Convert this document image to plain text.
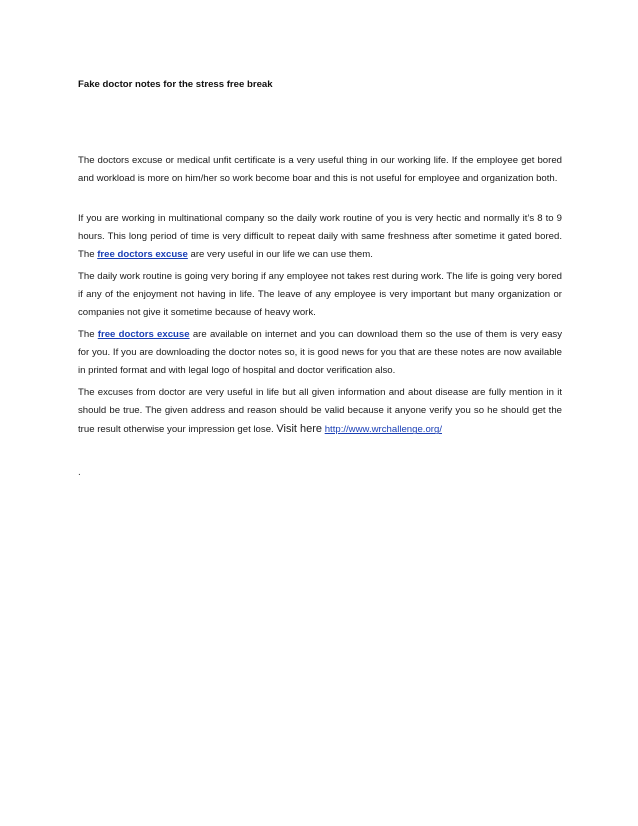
Fake doctor notes for the stress free break

The doctors excuse or medical unfit certificate is a very useful thing in our working life. If the employee get bored and workload is more on him/her so work become boar and this is not useful for employee and organization both.

If you are working in multinational company so the daily work routine of you is very hectic and normally it’s 8 to 9 hours. This long period of time is very difficult to repeat daily with same freshness after sometime it gated bored. The free doctors excuse are very useful in our life we can use them.

The daily work routine is going very boring if any employee not takes rest during work. The life is going very bored if any of the enjoyment not having in life. The leave of any employee is very important but many organization or companies not give it sometime because of heavy work.

The free doctors excuse are available on internet and you can download them so the use of them is very easy for you. If you are downloading the doctor notes so, it is good news for you that are these notes are now available in printed format and with legal logo of hospital and doctor verification also.

The excuses from doctor are very useful in life but all given information and about disease are fully mention in it should be true. The given address and reason should be valid because it anyone verify you so he should get the true result otherwise your impression get lose. Visit here http://www.wrchallenge.org/

.
